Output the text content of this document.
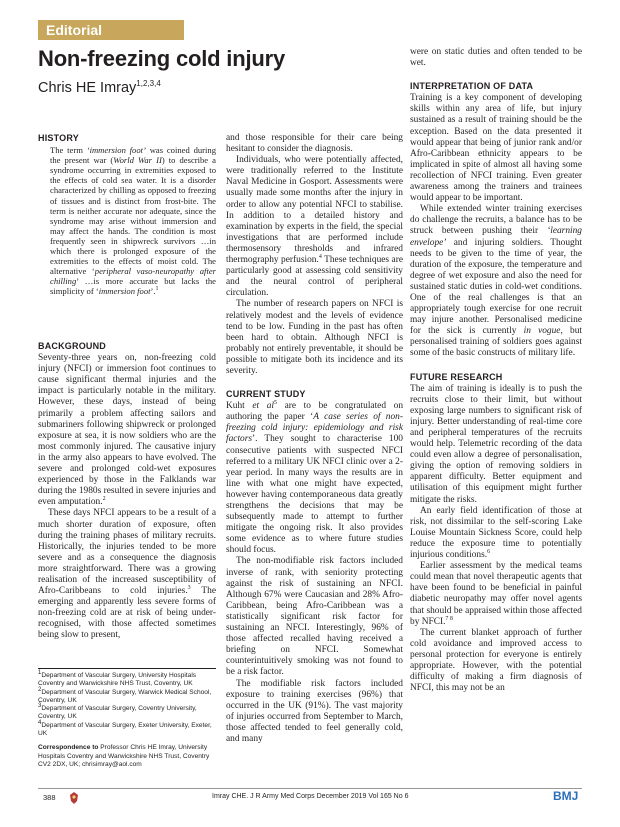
Editorial
Non-freezing cold injury
Chris HE Imray$^{1,2,3,4}$
HISTORY
The term ‘immersion foot’ was coined during the present war (World War II) to describe a syndrome occurring in extremities exposed to the effects of cold sea water. It is a disorder characterized by chilling as opposed to freezing of tissues and is distinct from frost-bite. The term is neither accurate nor adequate, since the syndrome may arise without immersion and may affect the hands. The condition is most frequently seen in shipwreck survivors …in which there is prolonged exposure of the extremities to the effects of moist cold. The alternative ‘peripheral vaso-neuropathy after chilling’ …is more accurate but lacks the simplicity of ‘immersion foot’.$^1$
BACKGROUND

Seventy-three years on, non-freezing cold injury (NFCI) or immersion foot continues to cause significant thermal injuries and the impact is particularly notable in the military. However, these days, instead of being primarily a problem affecting sailors and submariners following shipwreck or prolonged exposure at sea, it is now soldiers who are the most commonly injured. The causative injury in the army also appears to have evolved. The severe and prolonged cold-wet exposures experienced by those in the Falklands war during the 1980s resulted in severe injuries and even amputation.$^2$

These days NFCI appears to be a result of a much shorter duration of exposure, often during the training phases of military recruits. Historically, the injuries tended to be more severe and as a consequence the diagnosis more straightforward. There was a growing realisation of the increased susceptibility of Afro-Caribbeans to cold injuries.$^3$ The emerging and apparently less severe forms of non-freezing cold are at risk of being under-recognised, with those affected sometimes being slow to present,

$^1$Department of Vascular Surgery, University Hospitals Coventry and Warwickshire NHS Trust, Coventry, UK
$^2$Department of Vascular Surgery, Warwick Medical School, Coventry, UK
$^3$Department of Vascular Surgery, Coventry University, Coventry, UK
$^4$Department of Vascular Surgery, Exeter University, Exeter, UK
Correspondence to Professor Chris HE Imray, University Hospitals Coventry and Warwickshire NHS Trust, Coventry CV2 2DX, UK; chrisimray@aol.com

and those responsible for their care being hesitant to consider the diagnosis.

Individuals, who were potentially affected, were traditionally referred to the Institute Naval Medicine in Gosport. Assessments were usually made some months after the injury in order to allow any potential NFCI to stabilise. In addition to a detailed history and examination by experts in the field, the special investigations that are performed include thermosensory thresholds and infrared thermography perfusion.$^4$ These techniques are particularly good at assessing cold sensitivity and the neural control of peripheral circulation.

The number of research papers on NFCI is relatively modest and the levels of evidence tend to be low. Funding in the past has often been hard to obtain. Although NFCI is probably not entirely preventable, it should be possible to mitigate both its incidence and its severity.

CURRENT STUDY

Kuht et $al^5$ are to be congratulated on authoring the paper ‘A case series of non-freezing cold injury: epidemiology and risk factors’. They sought to characterise 100 consecutive patients with suspected NFCI referred to a military UK NFCI clinic over a 2-year period. In many ways the results are in line with what one might have expected, however having contemporaneous data greatly strengthens the decisions that may be subsequently made to attempt to further mitigate the ongoing risk. It also provides some evidence as to where future studies should focus.

The non-modifiable risk factors included inverse of rank, with seniority protecting against the risk of sustaining an NFCI. Although 67% were Caucasian and 28% Afro-Caribbean, being Afro-Caribbean was a statistically significant risk factor for sustaining an NFCI. Interestingly, 96% of those affected recalled having received a briefing on NFCI. Somewhat counterintuitively smoking was not found to be a risk factor.

The modifiable risk factors included exposure to training exercises (96%) that occurred in the UK (91%). The vast majority of injuries occurred from September to March, those affected tended to feel generally cold, and many

were on static duties and often tended to be wet.

INTERPRETATION OF DATA

Training is a key component of developing skills within any area of life, but injury sustained as a result of training should be the exception. Based on the data presented it would appear that being of junior rank and/or Afro-Caribbean ethnicity appears to be implicated in spite of almost all having some recollection of NFCI training. Even greater awareness among the trainers and trainees would appear to be important.

While extended winter training exercises do challenge the recruits, a balance has to be struck between pushing their ‘learning envelope’ and injuring soldiers. Thought needs to be given to the time of year, the duration of the exposure, the temperature and degree of wet exposure and also the need for sustained static duties in cold-wet conditions. One of the real challenges is that an appropriately tough exercise for one recruit may injure another. Personalised medicine for the sick is currently in vogue, but personalised training of soldiers goes against some of the basic constructs of military life.

FUTURE RESEARCH

The aim of training is ideally is to push the recruits close to their limit, but without exposing large numbers to significant risk of injury. Better understanding of real-time core and peripheral temperatures of the recruits would help. Telemetric recording of the data could even allow a degree of personalisation, giving the option of removing soldiers in apparent difficulty. Better equipment and utilisation of this equipment might further mitigate the risks.

An early field identification of those at risk, not dissimilar to the self-scoring Lake Louise Mountain Sickness Score, could help reduce the exposure time to potentially injurious conditions.$^6$

Earlier assessment by the medical teams could mean that novel therapeutic agents that have been found to be beneficial in painful diabetic neuropathy may offer novel agents that should be appraised within those affected by NFCI.$^{7 8}$

The current blanket approach of further cold avoidance and improved access to personal protection for everyone is entirely appropriate. However, with the potential difficulty of making a firm diagnosis of NFCI, this may not be an

388	Imray CHE. J R Army Med Corps December 2019 Vol 165 No 6	BMJ
